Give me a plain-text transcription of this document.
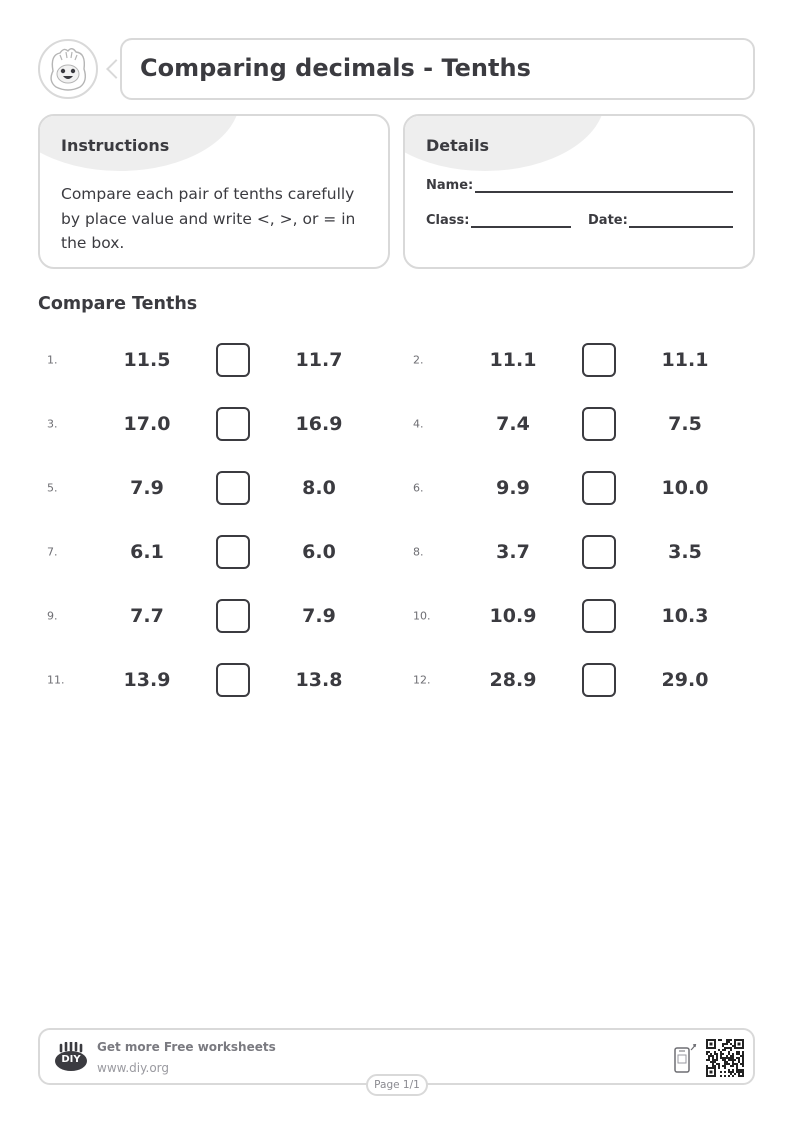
Comparing decimals - Tenths
Instructions
Compare each pair of tenths carefully by place value and write <, >, or = in the box.
Details
Name:
Class:	Date:
Compare Tenths
1.	11.5	11.7	2.	11.1	11.1
3.	17.0	16.9	4.	7.4	7.5
5.	7.9	8.0	6.	9.9	10.0
7.	6.1	6.0	8.	3.7	3.5
9.	7.7	7.9	10.	10.9	10.3
11.	13.9	13.8	12.	28.9	29.0
DIY
Get more Free worksheets
www.diy.org
Page 1/1
